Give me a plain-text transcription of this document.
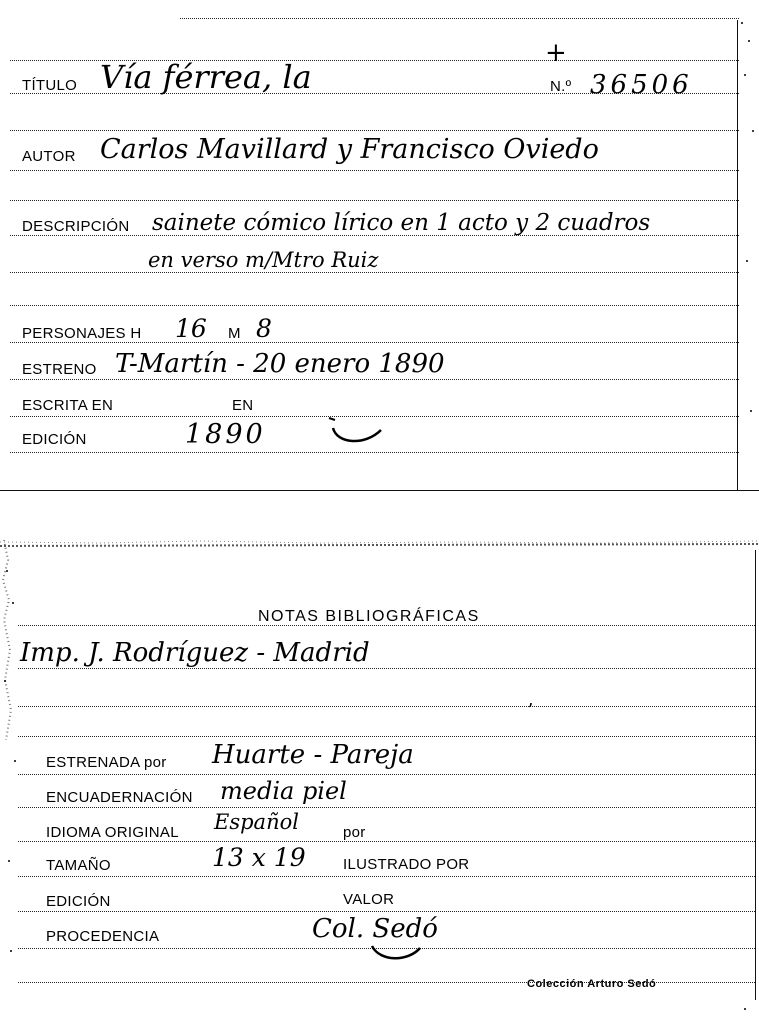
TÍTULO Vía férrea, la
+
N.º 36506
AUTOR Carlos Mavillard y Francisco Oviedo
DESCRIPCIÓN sainete cómico lírico en 1 acto y 2 cuadros
en verso m/Mtro Ruiz
PERSONAJES H 16 M 8
ESTRENO T-Martín - 20 enero 1890
ESCRITA EN	EN
EDICIÓN	1890
NOTAS BIBLIOGRÁFICAS
Imp. J. Rodríguez - Madrid
ʼ
ESTRENADA por Huarte - Pareja
ENCUADERNACIÓN media piel
IDIOMA ORIGINAL Español	por
TAMAÑO	13 x 19 ILUSTRADO POR
EDICIÓN	VALOR
PROCEDENCIA	Col. Sedó
Colección Arturo Sedó
